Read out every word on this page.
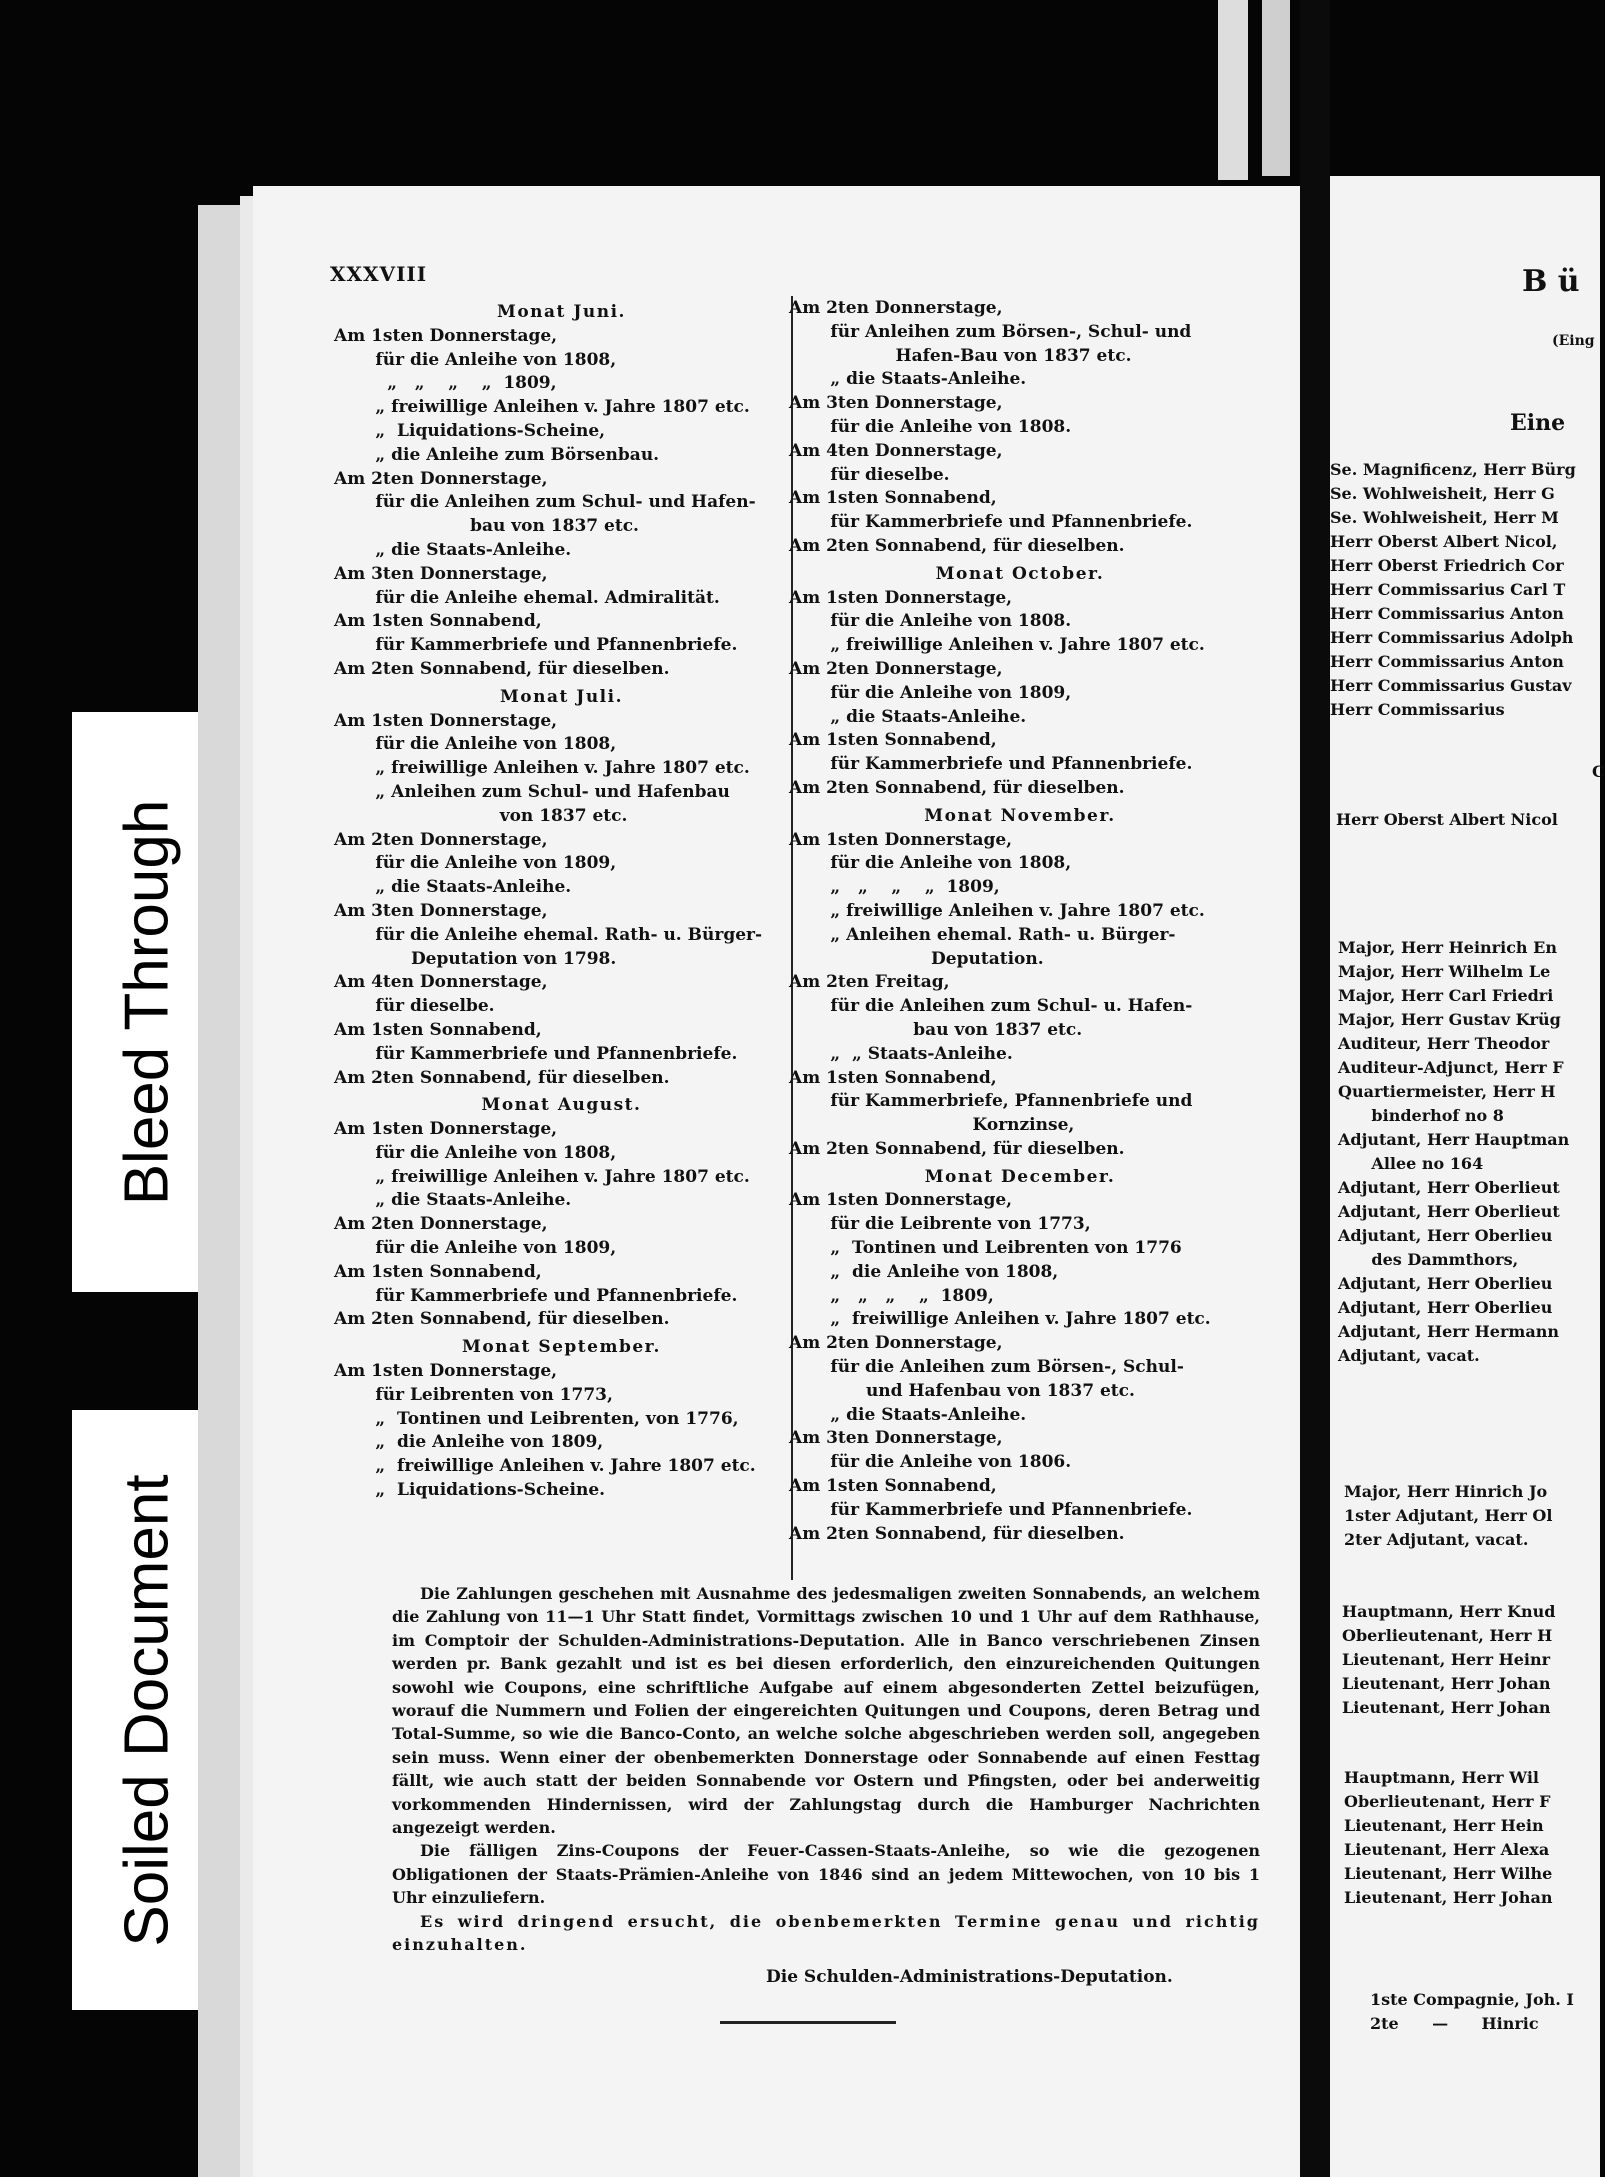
Bleed Through
Soiled Document
XXXVIII
Monat Juni.
Am 1sten Donnerstage,
für die Anleihe von 1808,
„   „    „    „  1809,
„ freiwillige Anleihen v. Jahre 1807 etc.
„  Liquidations-Scheine,
„ die Anleihe zum Börsenbau.
Am 2ten Donnerstage,
für die Anleihen zum Schul- und Hafen-
bau von 1837 etc.
„ die Staats-Anleihe.
Am 3ten Donnerstage,
für die Anleihe ehemal. Admiralität.
Am 1sten Sonnabend,
für Kammerbriefe und Pfannenbriefe.
Am 2ten Sonnabend, für dieselben.
Monat Juli.
Am 1sten Donnerstage,
für die Anleihe von 1808,
„ freiwillige Anleihen v. Jahre 1807 etc.
„ Anleihen zum Schul- und Hafenbau
von 1837 etc.
Am 2ten Donnerstage,
für die Anleihe von 1809,
„ die Staats-Anleihe.
Am 3ten Donnerstage,
für die Anleihe ehemal. Rath- u. Bürger-
Deputation von 1798.
Am 4ten Donnerstage,
für dieselbe.
Am 1sten Sonnabend,
für Kammerbriefe und Pfannenbriefe.
Am 2ten Sonnabend, für dieselben.
Monat August.
Am 1sten Donnerstage,
für die Anleihe von 1808,
„ freiwillige Anleihen v. Jahre 1807 etc.
„ die Staats-Anleihe.
Am 2ten Donnerstage,
für die Anleihe von 1809,
Am 1sten Sonnabend,
für Kammerbriefe und Pfannenbriefe.
Am 2ten Sonnabend, für dieselben.
Monat September.
Am 1sten Donnerstage,
für Leibrenten von 1773,
„  Tontinen und Leibrenten, von 1776,
„  die Anleihe von 1809,
„  freiwillige Anleihen v. Jahre 1807 etc.
„  Liquidations-Scheine.
Am 2ten Donnerstage,
für Anleihen zum Börsen-, Schul- und
Hafen-Bau von 1837 etc.
„ die Staats-Anleihe.
Am 3ten Donnerstage,
für die Anleihe von 1808.
Am 4ten Donnerstage,
für dieselbe.
Am 1sten Sonnabend,
für Kammerbriefe und Pfannenbriefe.
Am 2ten Sonnabend, für dieselben.
Monat October.
Am 1sten Donnerstage,
für die Anleihe von 1808.
„ freiwillige Anleihen v. Jahre 1807 etc.
Am 2ten Donnerstage,
für die Anleihe von 1809,
„ die Staats-Anleihe.
Am 1sten Sonnabend,
für Kammerbriefe und Pfannenbriefe.
Am 2ten Sonnabend, für dieselben.
Monat November.
Am 1sten Donnerstage,
für die Anleihe von 1808,
„   „    „    „  1809,
„ freiwillige Anleihen v. Jahre 1807 etc.
„ Anleihen ehemal. Rath- u. Bürger-
Deputation.
Am 2ten Freitag,
für die Anleihen zum Schul- u. Hafen-
bau von 1837 etc.
„  „ Staats-Anleihe.
Am 1sten Sonnabend,
für Kammerbriefe, Pfannenbriefe und
Kornzinse,
Am 2ten Sonnabend, für dieselben.
Monat December.
Am 1sten Donnerstage,
für die Leibrente von 1773,
„  Tontinen und Leibrenten von 1776
„  die Anleihe von 1808,
„   „   „    „  1809,
„  freiwillige Anleihen v. Jahre 1807 etc.
Am 2ten Donnerstage,
für die Anleihen zum Börsen-, Schul-
und Hafenbau von 1837 etc.
„ die Staats-Anleihe.
Am 3ten Donnerstage,
für die Anleihe von 1806.
Am 1sten Sonnabend,
für Kammerbriefe und Pfannenbriefe.
Am 2ten Sonnabend, für dieselben.

Die Zahlungen geschehen mit Ausnahme des jedesmaligen zweiten Sonnabends, an welchem die Zahlung von 11—1 Uhr Statt findet, Vormittags zwischen 10 und 1 Uhr auf dem Rathhause, im Comptoir der Schulden-Administrations-Deputation. Alle in Banco verschriebenen Zinsen werden pr. Bank gezahlt und ist es bei diesen erforderlich, den einzureichenden Quitungen sowohl wie Coupons, eine schriftliche Aufgabe auf einem abgesonderten Zettel beizufügen, worauf die Nummern und Folien der eingereichten Quitungen und Coupons, deren Betrag und Total-Summe, so wie die Banco-Conto, an welche solche abgeschrieben werden soll, angegeben sein muss. Wenn einer der obenbemerkten Donnerstage oder Sonnabende auf einen Festtag fällt, wie auch statt der beiden Sonnabende vor Ostern und Pfingsten, oder bei anderweitig vorkommenden Hindernissen, wird der Zahlungstag durch die Hamburger Nachrichten angezeigt werden.

Die fälligen Zins-Coupons der Feuer-Cassen-Staats-Anleihe, so wie die gezogenen Obligationen der Staats-Prämien-Anleihe von 1846 sind an jedem Mittewochen, von 10 bis 1 Uhr einzuliefern.

Es wird dringend ersucht, die obenbemerkten Termine genau und richtig einzuhalten.

Die Schulden-Administrations-Deputation.
B ü
(Eing
Eine
Se. Magnificenz, Herr Bürg
Se. Wohlweisheit, Herr G
Se. Wohlweisheit, Herr M
Herr Oberst Albert Nicol,
Herr Oberst Friedrich Cor
Herr Commissarius Carl T
Herr Commissarius Anton
Herr Commissarius Adolph
Herr Commissarius Anton
Herr Commissarius Gustav
Herr Commissarius
C
Herr Oberst Albert Nicol
Major, Herr Heinrich En
Major, Herr Wilhelm Le
Major, Herr Carl Friedri
Major, Herr Gustav Krüg
Auditeur, Herr Theodor
Auditeur-Adjunct, Herr F
Quartiermeister, Herr H
binderhof no 8
Adjutant, Herr Hauptman
Allee no 164
Adjutant, Herr Oberlieut
Adjutant, Herr Oberlieut
Adjutant, Herr Oberlieu
des Dammthors,
Adjutant, Herr Oberlieu
Adjutant, Herr Oberlieu
Adjutant, Herr Hermann
Adjutant, vacat.
Major, Herr Hinrich Jo
1ster Adjutant, Herr Ol
2ter Adjutant, vacat.
Hauptmann, Herr Knud
Oberlieutenant, Herr H
Lieutenant, Herr Heinr
Lieutenant, Herr Johan
Lieutenant, Herr Johan
Hauptmann, Herr Wil
Oberlieutenant, Herr F
Lieutenant, Herr Hein
Lieutenant, Herr Alexa
Lieutenant, Herr Wilhe
Lieutenant, Herr Johan
1ste Compagnie, Joh. I
2te      —      Hinric
